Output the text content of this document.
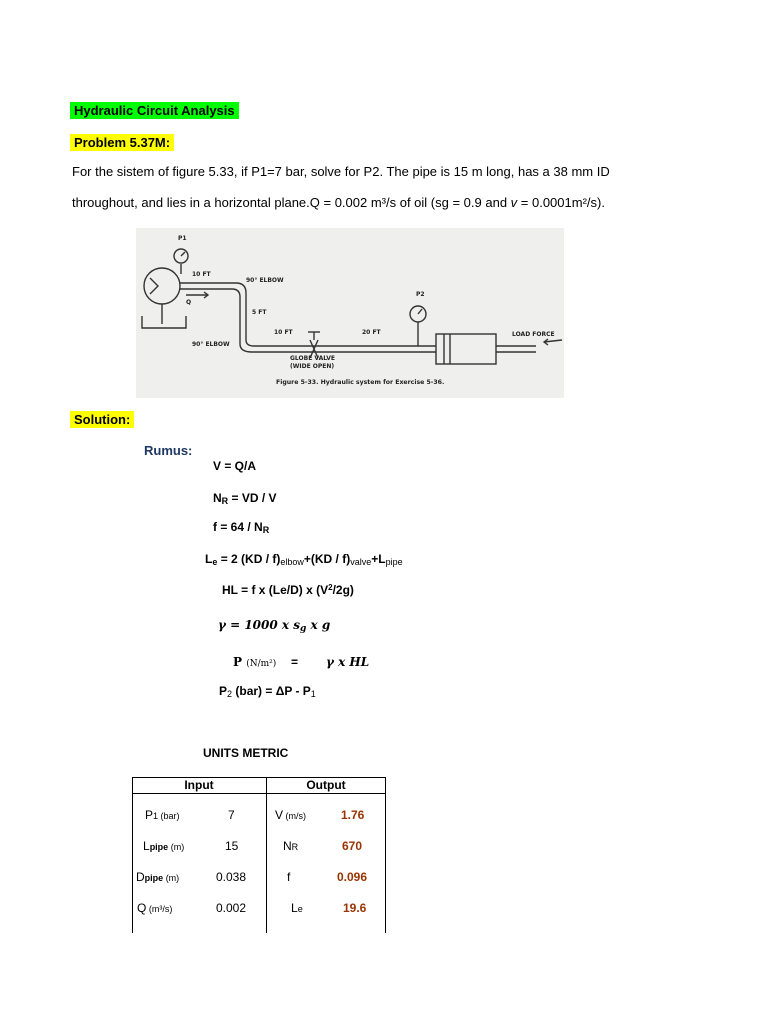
Hydraulic Circuit Analysis
Problem 5.37M:
For the sistem of figure 5.33, if P1=7 bar, solve for P2. The pipe is 15 m long, has a 38 mm ID
throughout, and lies in a horizontal plane.Q = 0.002 m³/s of oil (sg = 0.9 and v = 0.0001m²/s).
P1
10 FT
90° ELBOW
Q
5 FT
P2
10 FT	20 FT	LOAD FORCE
90° ELBOW
GLOBE VALVE
(WIDE OPEN)
Figure 5-33. Hydraulic system for Exercise 5-36.
Solution:
Rumus:
V = Q/A
$N_R$ = VD / V
$f = 64 / N_R$
$L_e = 2$ $(KD / f)_{elbow}+(KD / f)_{valve}+L_{pipe}$
HL = f x (Le/D) x $(V^2/2g)$
γ = 1000 x $s_g$ x g
P (N/m²) = γ x HL
$P_2$ $(bar) = \Delta P - P_1$
UNITS METRIC
Input	Output
P1 (bar)	7	V (m/s)	1.76
Lpipe (m)	15	NR	670
Dpipe (m)	0.038	f	0.096
Q (m³/s)	0.002	Le	19.6
